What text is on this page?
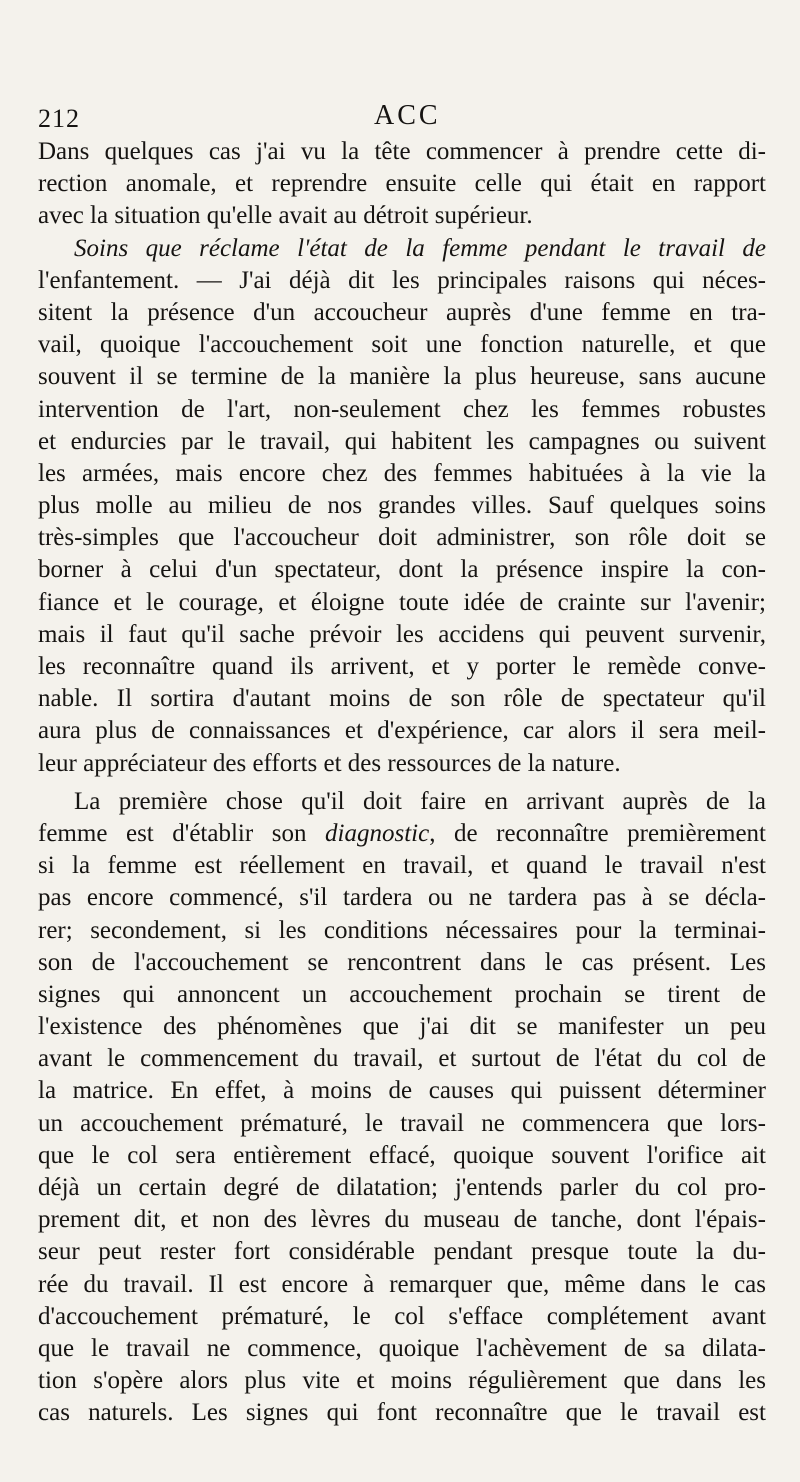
212	ACC
Dans quelques cas j'ai vu la tête commencer à prendre cette di-
rection anomale, et reprendre ensuite celle qui était en rapport
avec la situation qu'elle avait au détroit supérieur.
Soins que réclame l'état de la femme pendant le travail de
l'enfantement. — J'ai déjà dit les principales raisons qui néces-
sitent la présence d'un accoucheur auprès d'une femme en tra-
vail, quoique l'accouchement soit une fonction naturelle, et que
souvent il se termine de la manière la plus heureuse, sans aucune
intervention de l'art, non-seulement chez les femmes robustes
et endurcies par le travail, qui habitent les campagnes ou suivent
les armées, mais encore chez des femmes habituées à la vie la
plus molle au milieu de nos grandes villes. Sauf quelques soins
très-simples que l'accoucheur doit administrer, son rôle doit se
borner à celui d'un spectateur, dont la présence inspire la con-
fiance et le courage, et éloigne toute idée de crainte sur l'avenir;
mais il faut qu'il sache prévoir les accidens qui peuvent survenir,
les reconnaître quand ils arrivent, et y porter le remède conve-
nable. Il sortira d'autant moins de son rôle de spectateur qu'il
aura plus de connaissances et d'expérience, car alors il sera meil-
leur appréciateur des efforts et des ressources de la nature.
La première chose qu'il doit faire en arrivant auprès de la
femme est d'établir son diagnostic, de reconnaître premièrement
si la femme est réellement en travail, et quand le travail n'est
pas encore commencé, s'il tardera ou ne tardera pas à se décla-
rer; secondement, si les conditions nécessaires pour la terminai-
son de l'accouchement se rencontrent dans le cas présent. Les
signes qui annoncent un accouchement prochain se tirent de
l'existence des phénomènes que j'ai dit se manifester un peu
avant le commencement du travail, et surtout de l'état du col de
la matrice. En effet, à moins de causes qui puissent déterminer
un accouchement prématuré, le travail ne commencera que lors-
que le col sera entièrement effacé, quoique souvent l'orifice ait
déjà un certain degré de dilatation; j'entends parler du col pro-
prement dit, et non des lèvres du museau de tanche, dont l'épais-
seur peut rester fort considérable pendant presque toute la du-
rée du travail. Il est encore à remarquer que, même dans le cas
d'accouchement prématuré, le col s'efface complétement avant
que le travail ne commence, quoique l'achèvement de sa dilata-
tion s'opère alors plus vite et moins régulièrement que dans les
cas naturels. Les signes qui font reconnaître que le travail est
